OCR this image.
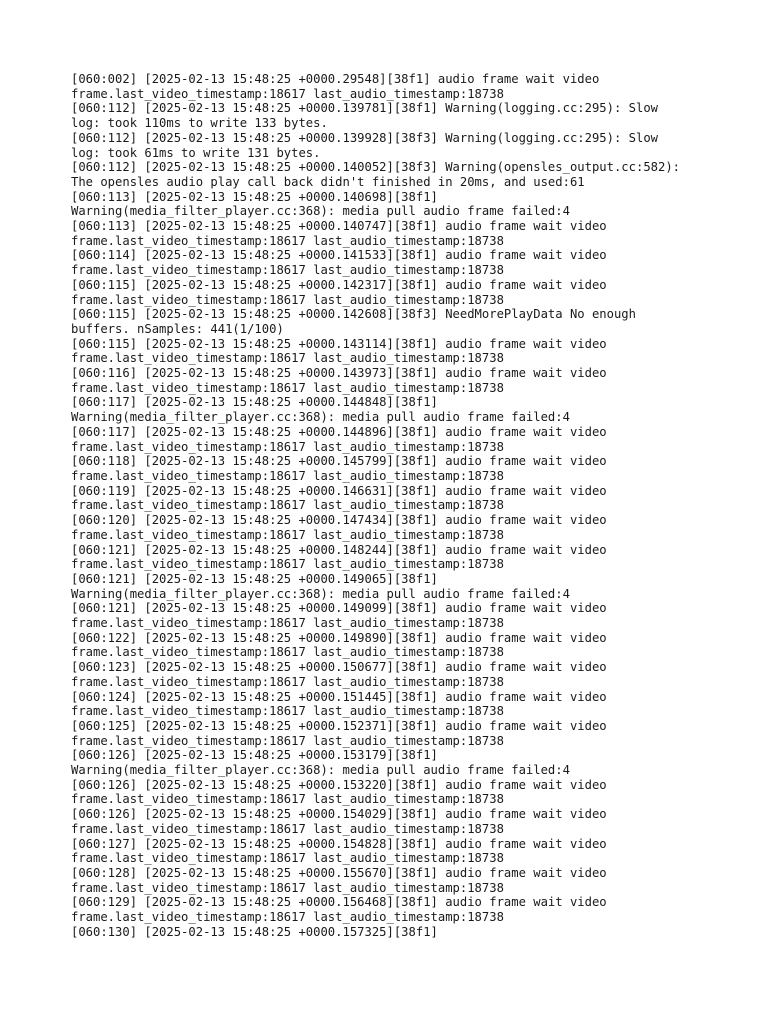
[060:002] [2025-02-13 15:48:25 +0000.29548][38f1] audio frame wait video
frame.last_video_timestamp:18617 last_audio_timestamp:18738
[060:112] [2025-02-13 15:48:25 +0000.139781][38f1] Warning(logging.cc:295): Slow
log: took 110ms to write 133 bytes.
[060:112] [2025-02-13 15:48:25 +0000.139928][38f3] Warning(logging.cc:295): Slow
log: took 61ms to write 131 bytes.
[060:112] [2025-02-13 15:48:25 +0000.140052][38f3] Warning(opensles_output.cc:582):
The opensles audio play call back didn't finished in 20ms, and used:61
[060:113] [2025-02-13 15:48:25 +0000.140698][38f1]
Warning(media_filter_player.cc:368): media pull audio frame failed:4
[060:113] [2025-02-13 15:48:25 +0000.140747][38f1] audio frame wait video
frame.last_video_timestamp:18617 last_audio_timestamp:18738
[060:114] [2025-02-13 15:48:25 +0000.141533][38f1] audio frame wait video
frame.last_video_timestamp:18617 last_audio_timestamp:18738
[060:115] [2025-02-13 15:48:25 +0000.142317][38f1] audio frame wait video
frame.last_video_timestamp:18617 last_audio_timestamp:18738
[060:115] [2025-02-13 15:48:25 +0000.142608][38f3] NeedMorePlayData No enough
buffers. nSamples: 441(1/100)
[060:115] [2025-02-13 15:48:25 +0000.143114][38f1] audio frame wait video
frame.last_video_timestamp:18617 last_audio_timestamp:18738
[060:116] [2025-02-13 15:48:25 +0000.143973][38f1] audio frame wait video
frame.last_video_timestamp:18617 last_audio_timestamp:18738
[060:117] [2025-02-13 15:48:25 +0000.144848][38f1]
Warning(media_filter_player.cc:368): media pull audio frame failed:4
[060:117] [2025-02-13 15:48:25 +0000.144896][38f1] audio frame wait video
frame.last_video_timestamp:18617 last_audio_timestamp:18738
[060:118] [2025-02-13 15:48:25 +0000.145799][38f1] audio frame wait video
frame.last_video_timestamp:18617 last_audio_timestamp:18738
[060:119] [2025-02-13 15:48:25 +0000.146631][38f1] audio frame wait video
frame.last_video_timestamp:18617 last_audio_timestamp:18738
[060:120] [2025-02-13 15:48:25 +0000.147434][38f1] audio frame wait video
frame.last_video_timestamp:18617 last_audio_timestamp:18738
[060:121] [2025-02-13 15:48:25 +0000.148244][38f1] audio frame wait video
frame.last_video_timestamp:18617 last_audio_timestamp:18738
[060:121] [2025-02-13 15:48:25 +0000.149065][38f1]
Warning(media_filter_player.cc:368): media pull audio frame failed:4
[060:121] [2025-02-13 15:48:25 +0000.149099][38f1] audio frame wait video
frame.last_video_timestamp:18617 last_audio_timestamp:18738
[060:122] [2025-02-13 15:48:25 +0000.149890][38f1] audio frame wait video
frame.last_video_timestamp:18617 last_audio_timestamp:18738
[060:123] [2025-02-13 15:48:25 +0000.150677][38f1] audio frame wait video
frame.last_video_timestamp:18617 last_audio_timestamp:18738
[060:124] [2025-02-13 15:48:25 +0000.151445][38f1] audio frame wait video
frame.last_video_timestamp:18617 last_audio_timestamp:18738
[060:125] [2025-02-13 15:48:25 +0000.152371][38f1] audio frame wait video
frame.last_video_timestamp:18617 last_audio_timestamp:18738
[060:126] [2025-02-13 15:48:25 +0000.153179][38f1]
Warning(media_filter_player.cc:368): media pull audio frame failed:4
[060:126] [2025-02-13 15:48:25 +0000.153220][38f1] audio frame wait video
frame.last_video_timestamp:18617 last_audio_timestamp:18738
[060:126] [2025-02-13 15:48:25 +0000.154029][38f1] audio frame wait video
frame.last_video_timestamp:18617 last_audio_timestamp:18738
[060:127] [2025-02-13 15:48:25 +0000.154828][38f1] audio frame wait video
frame.last_video_timestamp:18617 last_audio_timestamp:18738
[060:128] [2025-02-13 15:48:25 +0000.155670][38f1] audio frame wait video
frame.last_video_timestamp:18617 last_audio_timestamp:18738
[060:129] [2025-02-13 15:48:25 +0000.156468][38f1] audio frame wait video
frame.last_video_timestamp:18617 last_audio_timestamp:18738
[060:130] [2025-02-13 15:48:25 +0000.157325][38f1]
